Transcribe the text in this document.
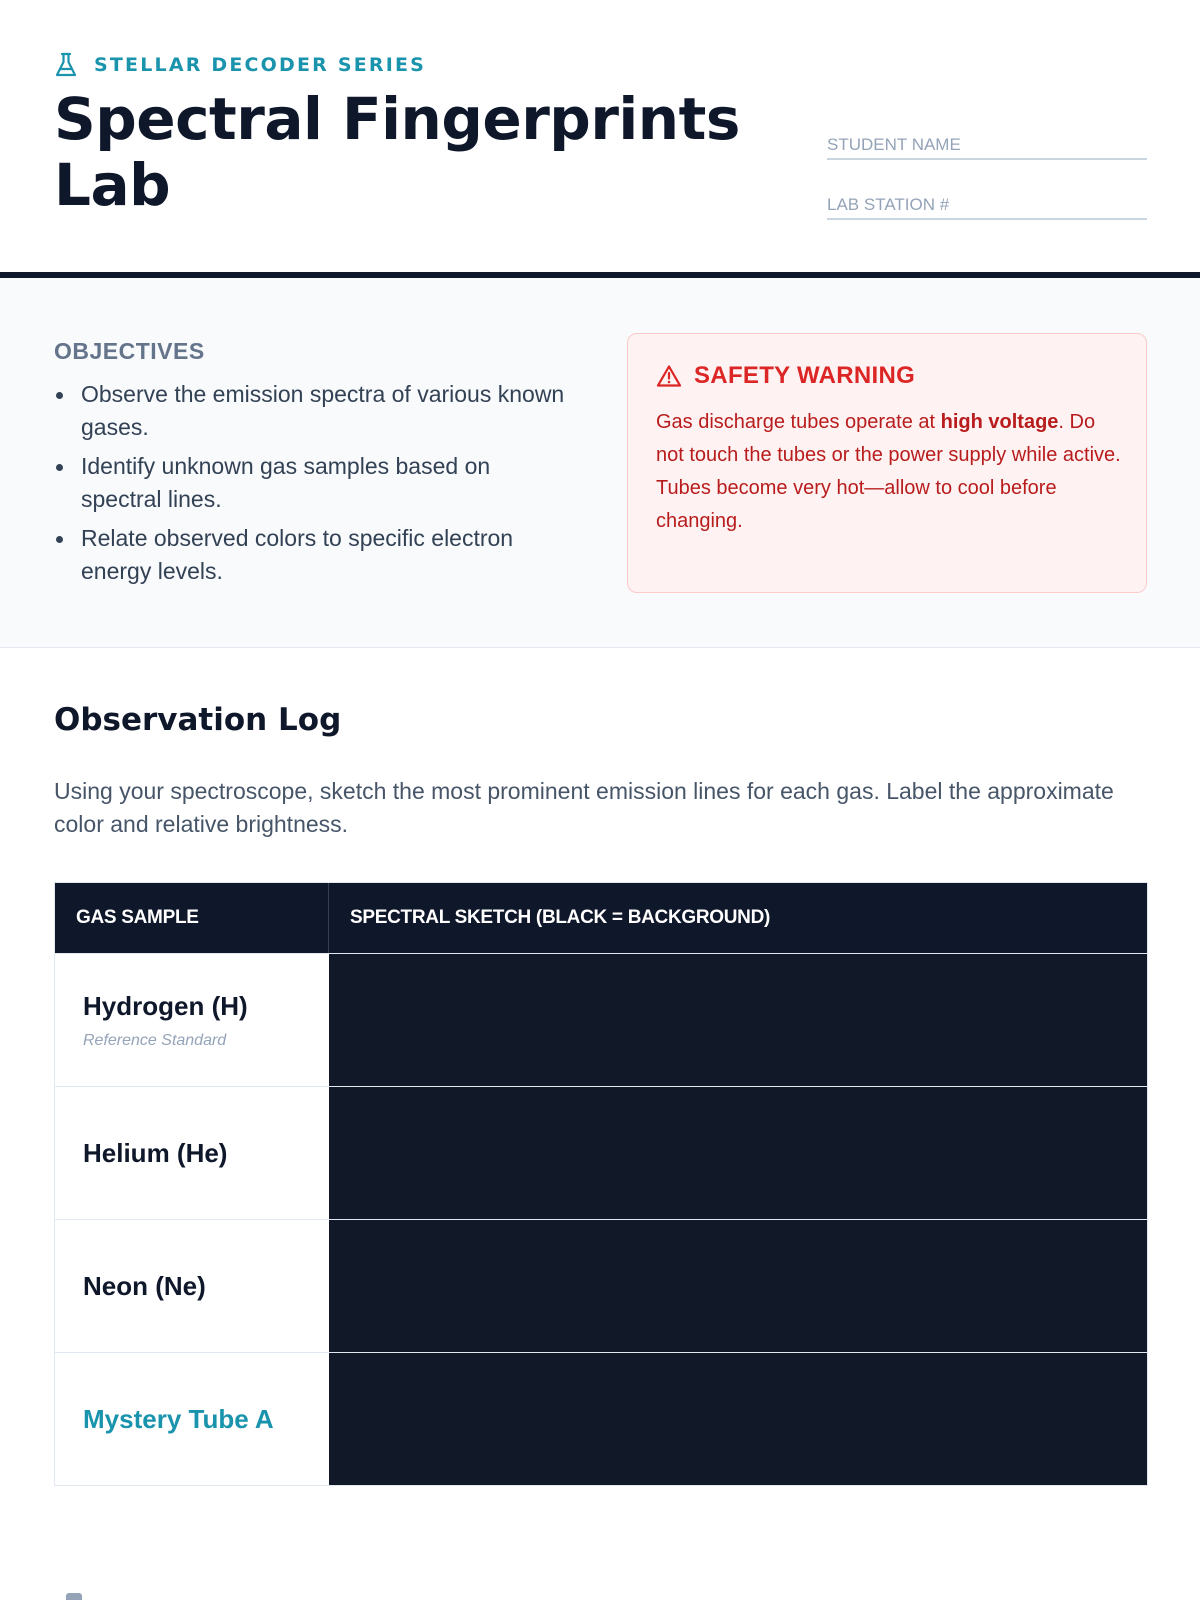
STELLAR DECODER SERIES
Spectral Fingerprints Lab
STUDENT NAME
LAB STATION #
OBJECTIVES
Observe the emission spectra of various known gases.
Identify unknown gas samples based on spectral lines.
Relate observed colors to specific electron energy levels.
SAFETY WARNING

Gas discharge tubes operate at high voltage. Do not touch the tubes or the power supply while active. Tubes become very hot—allow to cool before changing.

Observation Log

Using your spectroscope, sketch the most prominent emission lines for each gas. Label the approximate color and relative brightness.

GAS SAMPLE	SPECTRAL SKETCH (BLACK = BACKGROUND)
Hydrogen (H)
Reference Standard
Helium (He)
Neon (Ne)
Mystery Tube A
